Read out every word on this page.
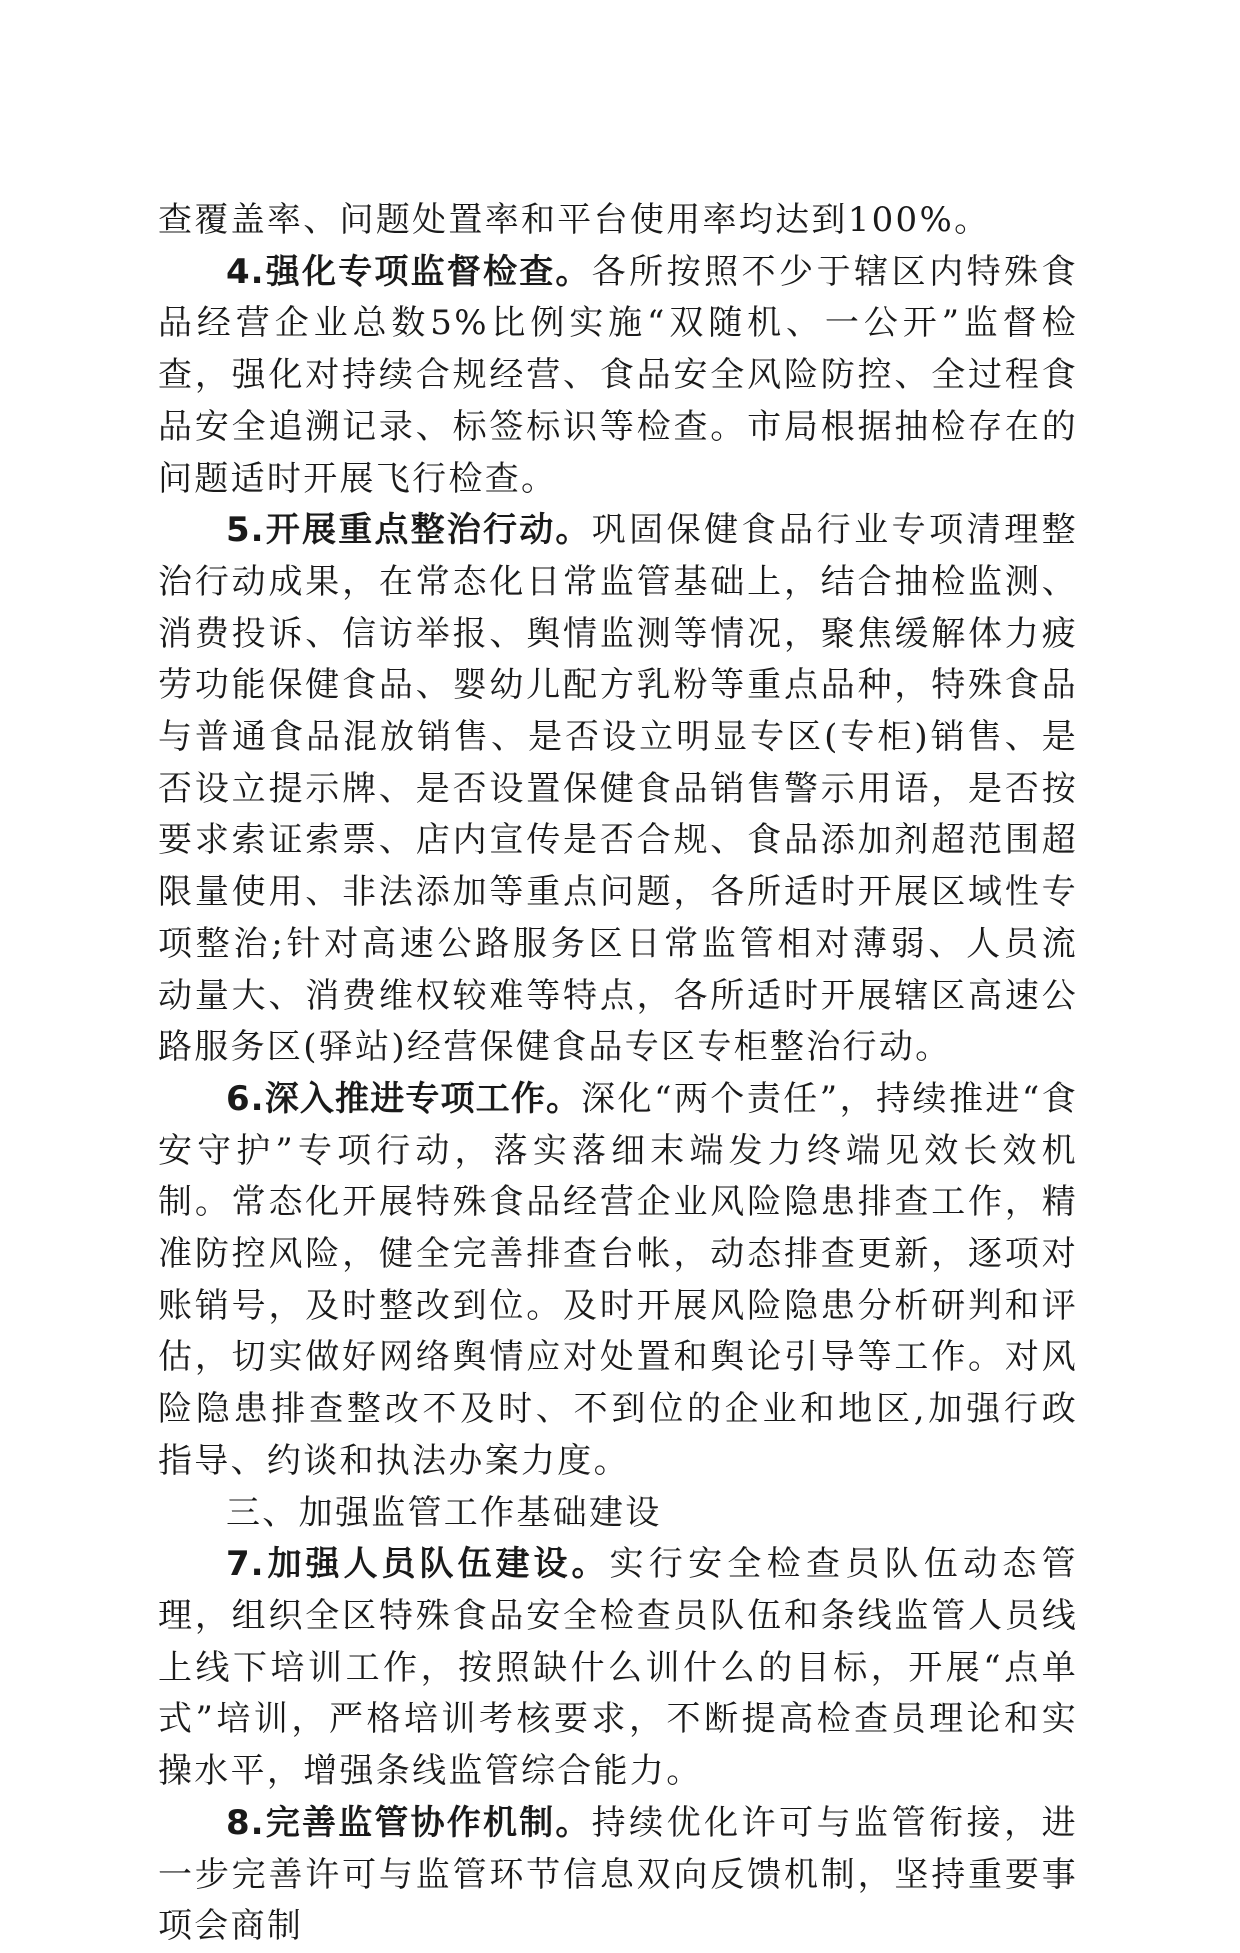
查覆盖率、问题处置率和平台使用率均达到100%。

4.强化专项监督检查。各所按照不少于辖区内特殊食品经营企业总数5%比例实施“双随机、一公开”监督检查，强化对持续合规经营、食品安全风险防控、全过程食品安全追溯记录、标签标识等检查。市局根据抽检存在的问题适时开展飞行检查。

5.开展重点整治行动。巩固保健食品行业专项清理整治行动成果，在常态化日常监管基础上，结合抽检监测、消费投诉、信访举报、舆情监测等情况，聚焦缓解体力疲劳功能保健食品、婴幼儿配方乳粉等重点品种，特殊食品与普通食品混放销售、是否设立明显专区(专柜)销售、是否设立提示牌、是否设置保健食品销售警示用语，是否按要求索证索票、店内宣传是否合规、食品添加剂超范围超限量使用、非法添加等重点问题，各所适时开展区域性专项整治;针对高速公路服务区日常监管相对薄弱、人员流动量大、消费维权较难等特点，各所适时开展辖区高速公路服务区(驿站)经营保健食品专区专柜整治行动。

6.深入推进专项工作。深化“两个责任”，持续推进“食安守护”专项行动，落实落细末端发力终端见效长效机制。常态化开展特殊食品经营企业风险隐患排查工作，精准防控风险，健全完善排查台帐，动态排查更新，逐项对账销号，及时整改到位。及时开展风险隐患分析研判和评估，切实做好网络舆情应对处置和舆论引导等工作。对风险隐患排查整改不及时、不到位的企业和地区,加强行政指导、约谈和执法办案力度。

三、加强监管工作基础建设

7.加强人员队伍建设。实行安全检查员队伍动态管理，组织全区特殊食品安全检查员队伍和条线监管人员线上线下培训工作，按照缺什么训什么的目标，开展“点单式”培训，严格培训考核要求，不断提高检查员理论和实操水平，增强条线监管综合能力。

8.完善监管协作机制。持续优化许可与监管衔接，进一步完善许可与监管环节信息双向反馈机制，坚持重要事项会商制
